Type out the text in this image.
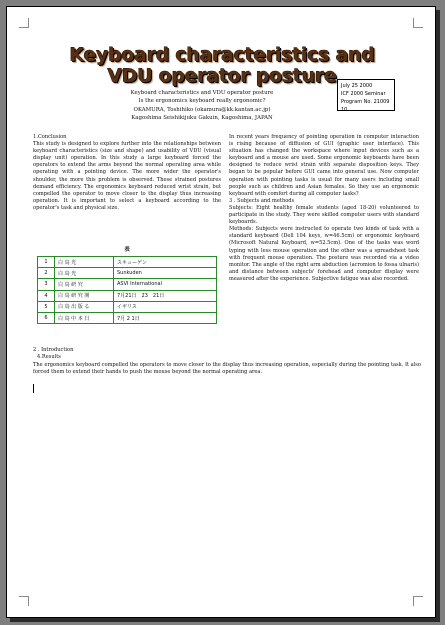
Keyboard characteristics and
VDU operator posture July 25 2000
ICF 2000 Seminar
Program No. 21009 10
Keyboard characteristics and VDU operator posture
Is the ergonomics keyboard really ergonomic?
OKAMURA, Toshihiko (okamura@kk.kantan.ac.jp)
Kagoshima Seishikijuku Gakuin, Kagoshima, JAPAN

1.Conclusion

This study is designed to explore further into the relationships between keyboard characteristics (size and shape) and usability of VDU (visual display unit) operation. In this study a large keyboard forced the operators to extend the arms beyond the normal operating area while operating with a pointing device. The more wider the operator's shoulder, the more this problem is observed. These strained postures demand efficiency. The ergonomics keyboard reduced wrist strain, but compelled the operator to move closer to the display thus increasing operation. It is important to select a keyboard according to the operator's task and physical size.

表
1	白 鳥 光	スキューゲン
2	白 鳥 光	Sunkuden
3	白 鳥 研 究	ASVI International
4	白 鳥 研 究 開	7月21日　23　21日
5	白 鳥 出 版 る	イギリス
6	白 鳥 中 本 日	7月 2 1日
2 . Introduction
4.Results
The ergonomics keyboard compelled the operators to move closer to the display thus increasing operation, especially during the pointing task. It also forced them to extend their hands to push the mouse beyond the normal operating area.

In recent years frequency of pointing operation in computer interaction is rising because of diffusion of GUI (graphic user interface). This situation has changed the workspace where input devices such as a keyboard and a mouse are used. Some ergonomic keyboards have been designed to reduce wrist strain with separate disposition keys. They began to be popular before GUI came into general use. Now computer operation with pointing tasks is usual for many users including small people such as children and Asian females. So they use an ergonomic keyboard with comfort during all computer tasks?

3 . Subjects and methods

Subjects: Eight healthy female students (aged 18-20) volunteered to participate in the study. They were skilled computer users with standard keyboards.

Methods: Subjects were instructed to operate two kinds of task with a standard keyboard (Dell 104 keys, w=46.5cm) or ergonomic keyboard (Microsoft Natural Keyboard, w=52.5cm). One of the tasks was word typing with less mouse operation and the other was a spreadsheet task with frequent mouse operation. The posture was recorded via a video monitor. The angle of the right arm abduction (acromion to fossa ulnaris) and distance between subjects' forehead and computer display were measured after the experience. Subjective fatigue was also recorded.
